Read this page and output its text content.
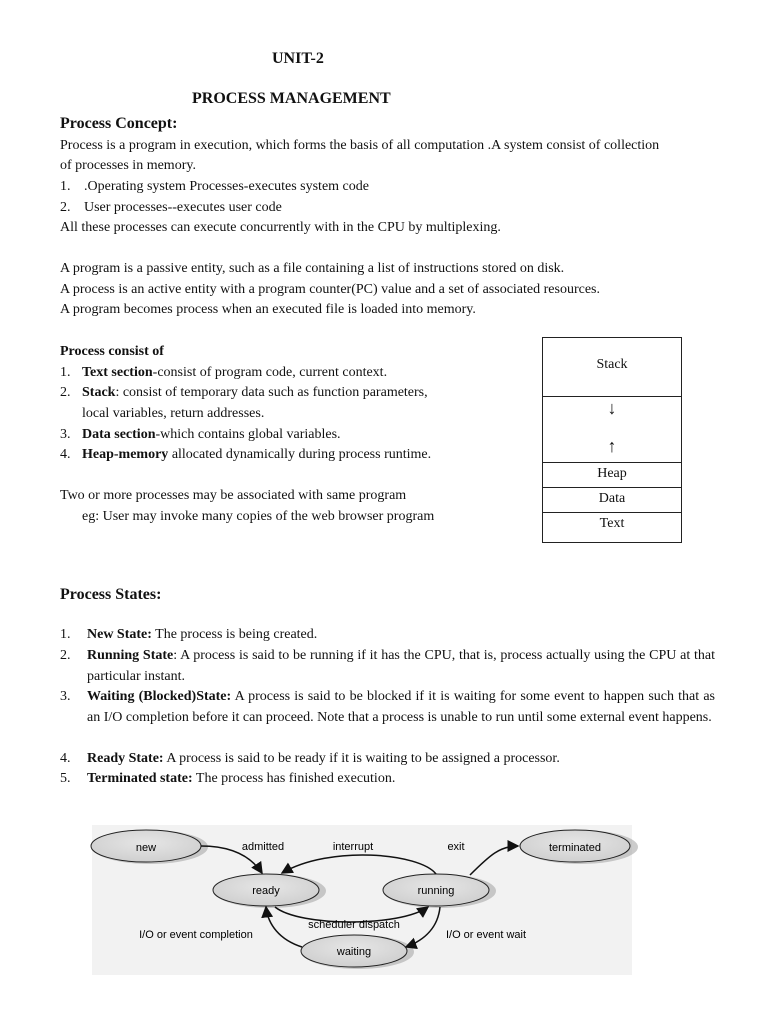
UNIT-2
PROCESS MANAGEMENT
Process Concept:
Process is a program in execution, which forms the basis of all computation .A system consist of collection
of processes in memory.
1. .Operating system Processes-executes system code
2. User processes--executes user code
All these processes can execute concurrently with in the CPU by multiplexing.
A program is a passive entity, such as a file containing a list of instructions stored on disk.
A process is an active entity with a program counter(PC) value and a set of associated resources.
A program becomes process when an executed file is loaded into memory.
Process consist of
1. Text section-consist of program code, current context.
2. Stack: consist of temporary data such as function parameters,
local variables, return addresses.
3. Data section-which contains global variables.
4. Heap-memory allocated dynamically during process runtime.
Two or more processes may be associated with same program
eg: User may invoke many copies of the web browser program
Stack
↓
↑
Heap
Data
Text
Process States:
1. New State: The process is being created.
2. Running State: A process is said to be running if it has the CPU, that is, process actually using the CPU at that particular instant.
3. Waiting (Blocked)State: A process is said to be blocked if it is waiting for some event to happen such that as an I/O completion before it can proceed. Note that a process is unable to run until some external event happens.
4. Ready State: A process is said to be ready if it is waiting to be assigned a processor.
5. Terminated state: The process has finished execution.
new	terminated
ready	running
waiting
admitted	interrupt	exit
scheduler dispatch
I/O or event completion	I/O or event wait
